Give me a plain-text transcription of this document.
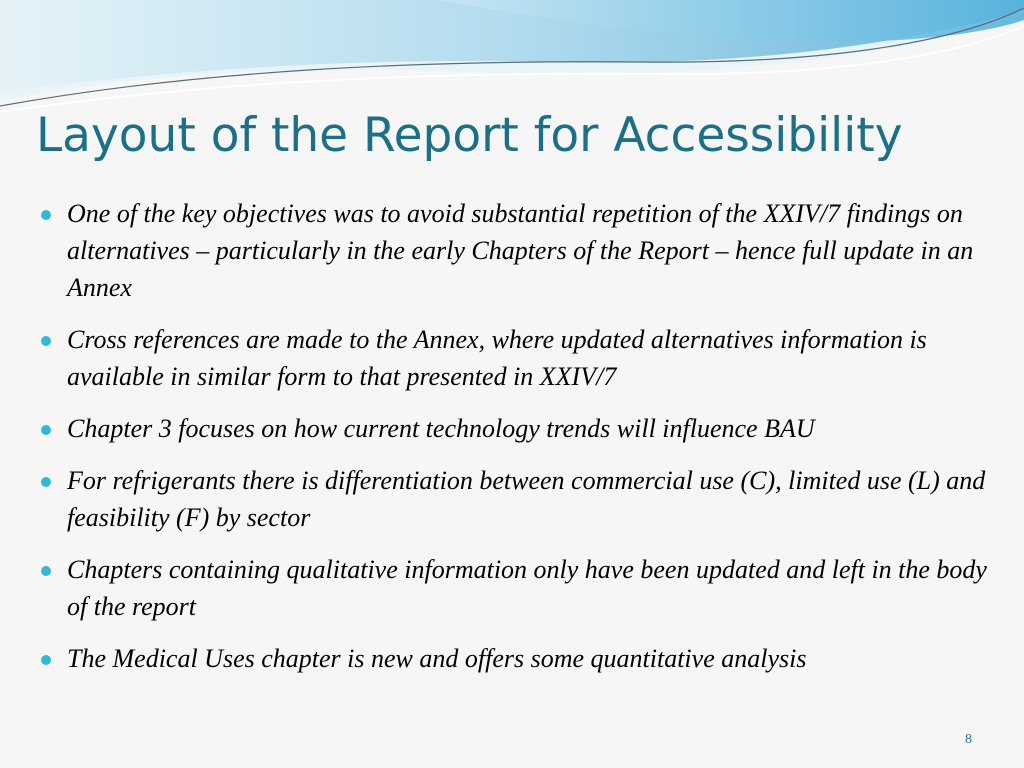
Layout of the Report for Accessibility
One of the key objectives was to avoid substantial repetition of the XXIV/7 findings on alternatives – particularly in the early Chapters of the Report – hence full update in an Annex
Cross references are made to the Annex, where updated alternatives information is available in similar form to that presented in XXIV/7
Chapter 3 focuses on how current technology trends will influence BAU
For refrigerants there is differentiation between commercial use (C), limited use (L) and feasibility (F) by sector
Chapters containing qualitative information only have been updated and left in the body of the report
The Medical Uses chapter is new and offers some quantitative analysis
8
